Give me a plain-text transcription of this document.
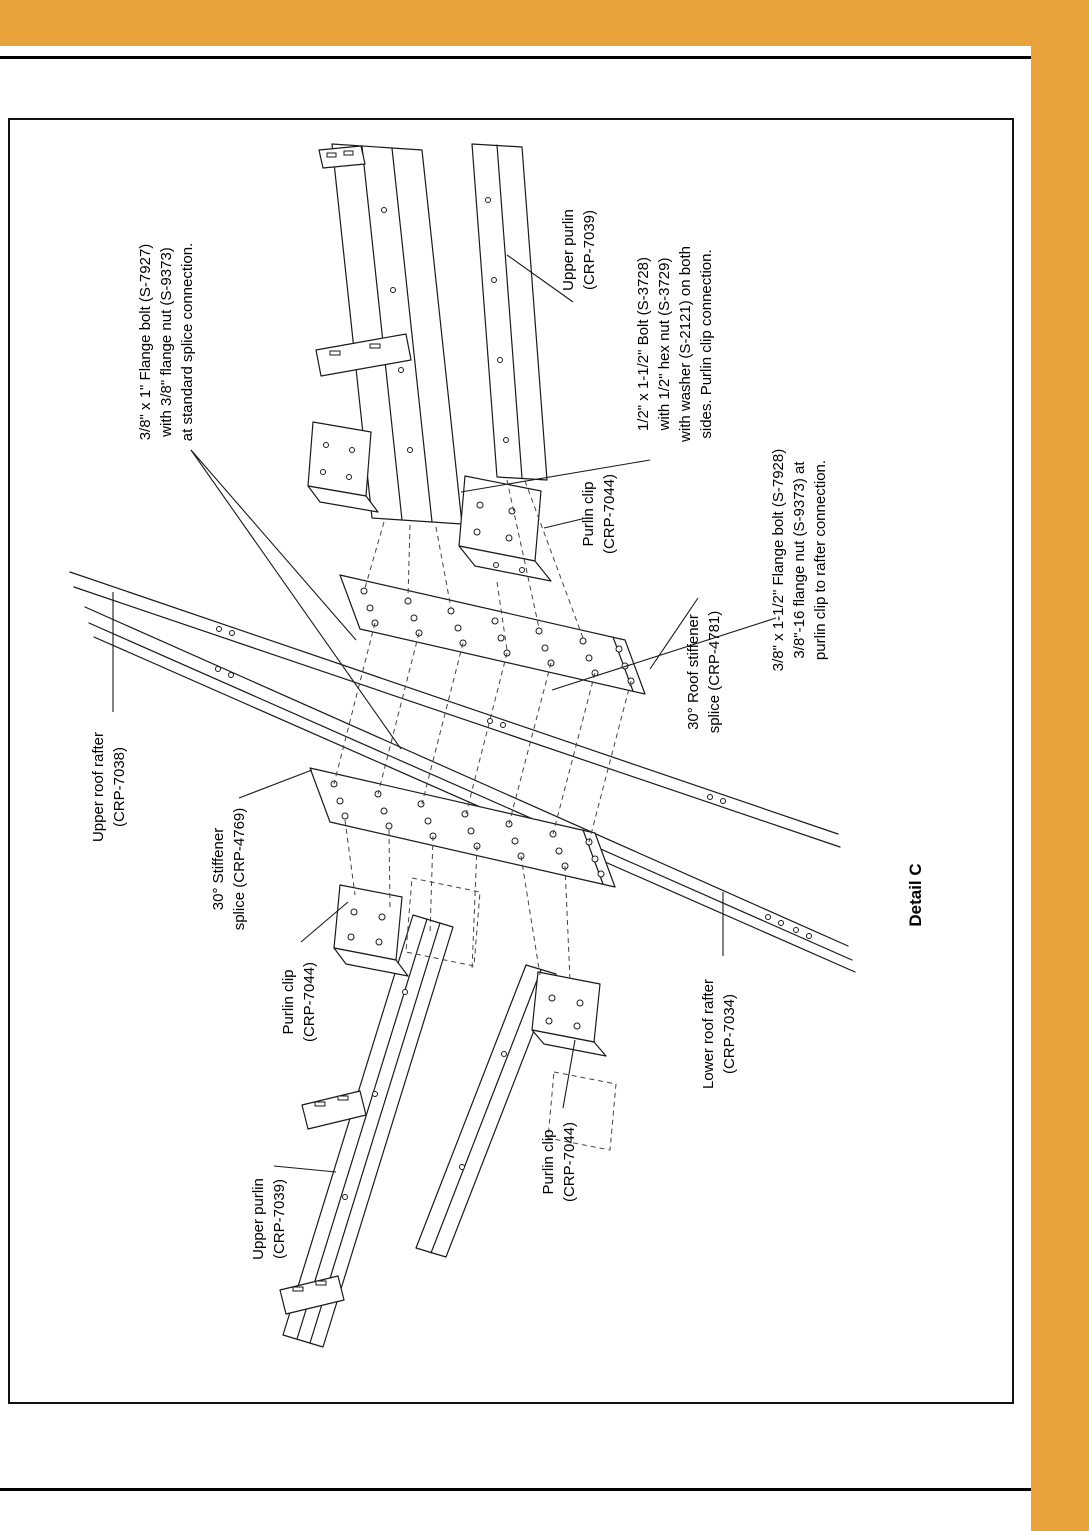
3/8" x 1" Flange bolt (S-7927) with 3/8" flange nut (S-9373) at standard splice connection.	Upper purlin (CRP-7039)
1/2" x 1-1/2" Bolt (S-3728) with 1/2" hex nut (S-3729) with washer (S-2121) on both sides. Purlin clip connection.
Purlin clip (CRP-7044)	3/8" x 1-1/2" Flange bolt (S-7928) 3/8"-16 flange nut (S-9373) at purlin clip to rafter connection.
30° Roof stiffener splice (CRP-4781)
Upper roof rafter (CRP-7038)
30° Stiffener splice (CRP-4769)
Purlin clip (CRP-7044)	Lower roof rafter (CRP-7034)
Upper purlin (CRP-7039)
Purlin clip (CRP-7044)
Detail C
